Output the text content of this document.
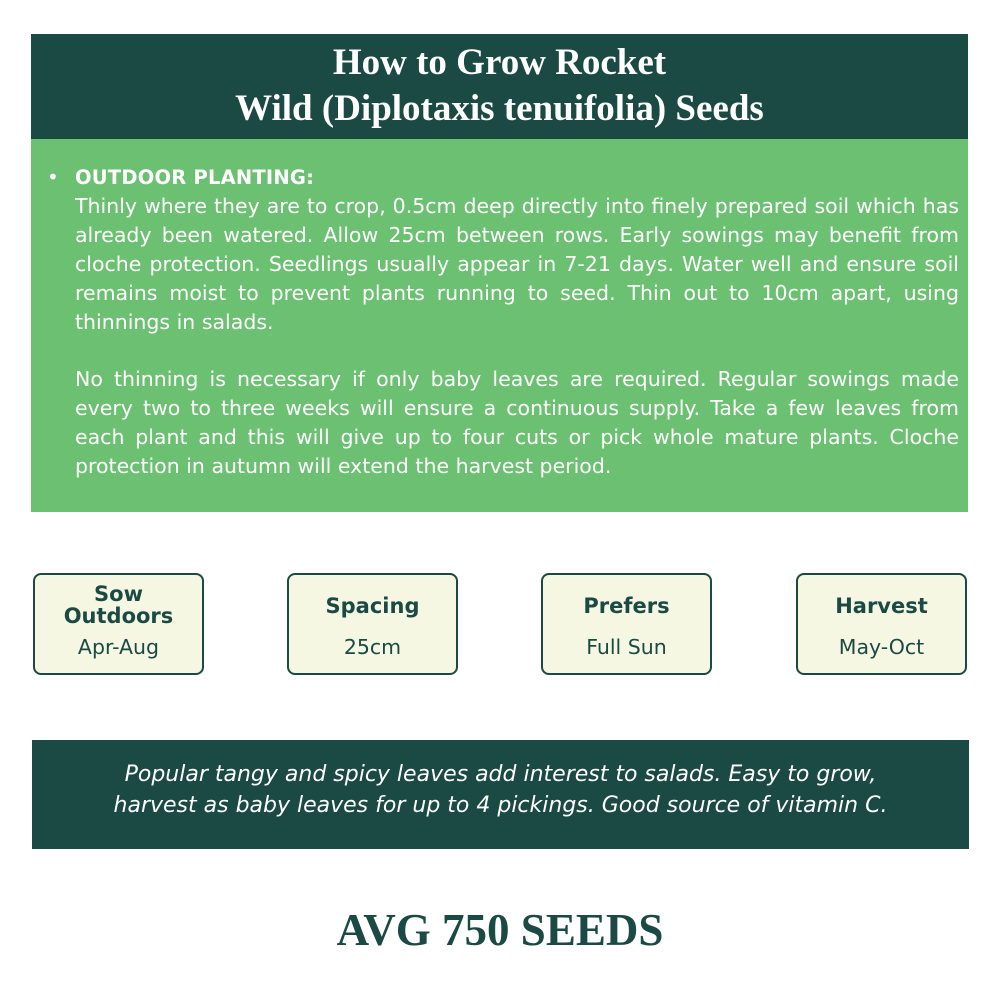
How to Grow Rocket
Wild (Diplotaxis tenuifolia) Seeds
• OUTDOOR PLANTING:

Thinly where they are to crop, 0.5cm deep directly into finely prepared soil which has already been watered. Allow 25cm between rows. Early sowings may benefit from cloche protection. Seedlings usually appear in 7-21 days. Water well and ensure soil remains moist to prevent plants running to seed. Thin out to 10cm apart, using thinnings in salads.

No thinning is necessary if only baby leaves are required. Regular sowings made every two to three weeks will ensure a continuous supply. Take a few leaves from each plant and this will give up to four cuts or pick whole mature plants. Cloche protection in autumn will extend the harvest period.

Sow
Outdoors
Apr-Aug
Spacing
25cm
Prefers
Full Sun
Harvest
May-Oct
Popular tangy and spicy leaves add interest to salads. Easy to grow,
harvest as baby leaves for up to 4 pickings. Good source of vitamin C.
AVG 750 SEEDS
